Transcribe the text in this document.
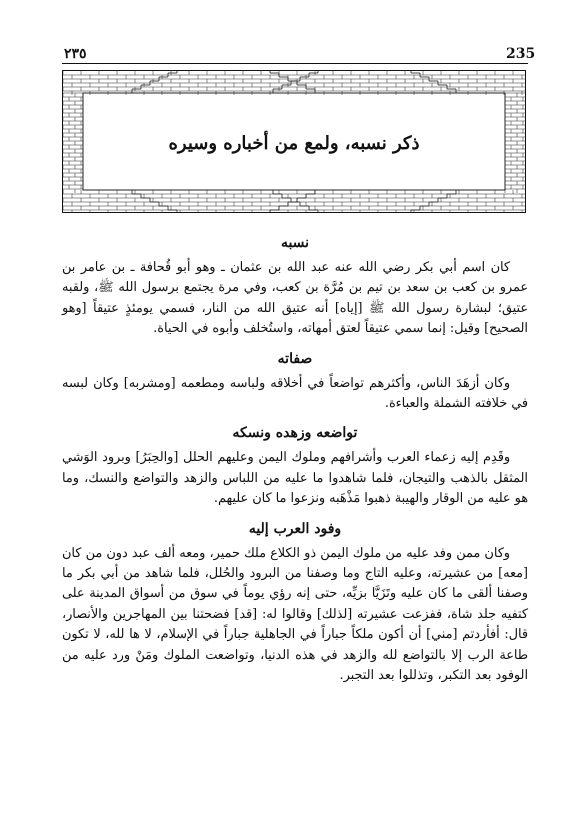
٢٣٥	235
ذكر نسبه، ولمع من أخباره وسيره
نسبه

كان اسم أبي بكر رضي الله عنه عبد الله بن عثمان ـ وهو أبو قُحافة ـ بن عامر بن عمرو بن كعب بن سعد بن تيم بن مُرَّة بن كعب، وفي مرة يجتمع برسول الله ﷺ، ولقبه عتيق؛ لبشارة رسول الله ﷺ [إياه] أنه عتيق الله من النار، فسمي يومئذٍ عتيقاً [وهو الصحيح] وقيل: إنما سمي عتيقاً لعتق أمهاته، واستُخلف وأبوه في الحياة.

صفاته

وكان أزهَدَ الناس، وأكثرهم تواضعاً في أخلاقه ولباسه ومطعمه [ومشربه] وكان لبسه في خلافته الشملة والعباءة.

تواضعه وزهده ونسكه

وقَدِم إليه زعماء العرب وأشرافهم وملوك اليمن وعليهم الحلل [والحِبَرُ] وبرود الوَشي المثقل بالذهب والتيجان، فلما شاهدوا ما عليه من اللباس والزهد والتواضع والنسك، وما هو عليه من الوقار والهيبة ذهبوا مَذْهَبه ونزعوا ما كان عليهم.

وفود العرب إليه

وكان ممن وفد عليه من ملوك اليمن ذو الكلاع ملك حمير، ومعه ألف عبد دون من كان [معه] من عشيرته، وعليه التاج وما وصفنا من البرود والحُلل، فلما شاهد من أبي بكر ما وصفنا ألقى ما كان عليه وتَزَيَّا بزيِّه، حتى إنه رؤي يوماً في سوق من أسواق المدينة على كتفيه جلد شاة، ففزعت عشيرته [لذلك] وقالوا له: [قد] فضحتنا بين المهاجرين والأنصار، قال: أفأردتم [مني] أن أكون ملكاً جباراً في الجاهلية جباراً في الإسلام، لا ها لله، لا تكون طاعة الرب إلا بالتواضع لله والزهد في هذه الدنيا، وتواضعت الملوك ومَنْ ورد عليه من الوفود بعد التكبر، وتذللوا بعد التجبر.
